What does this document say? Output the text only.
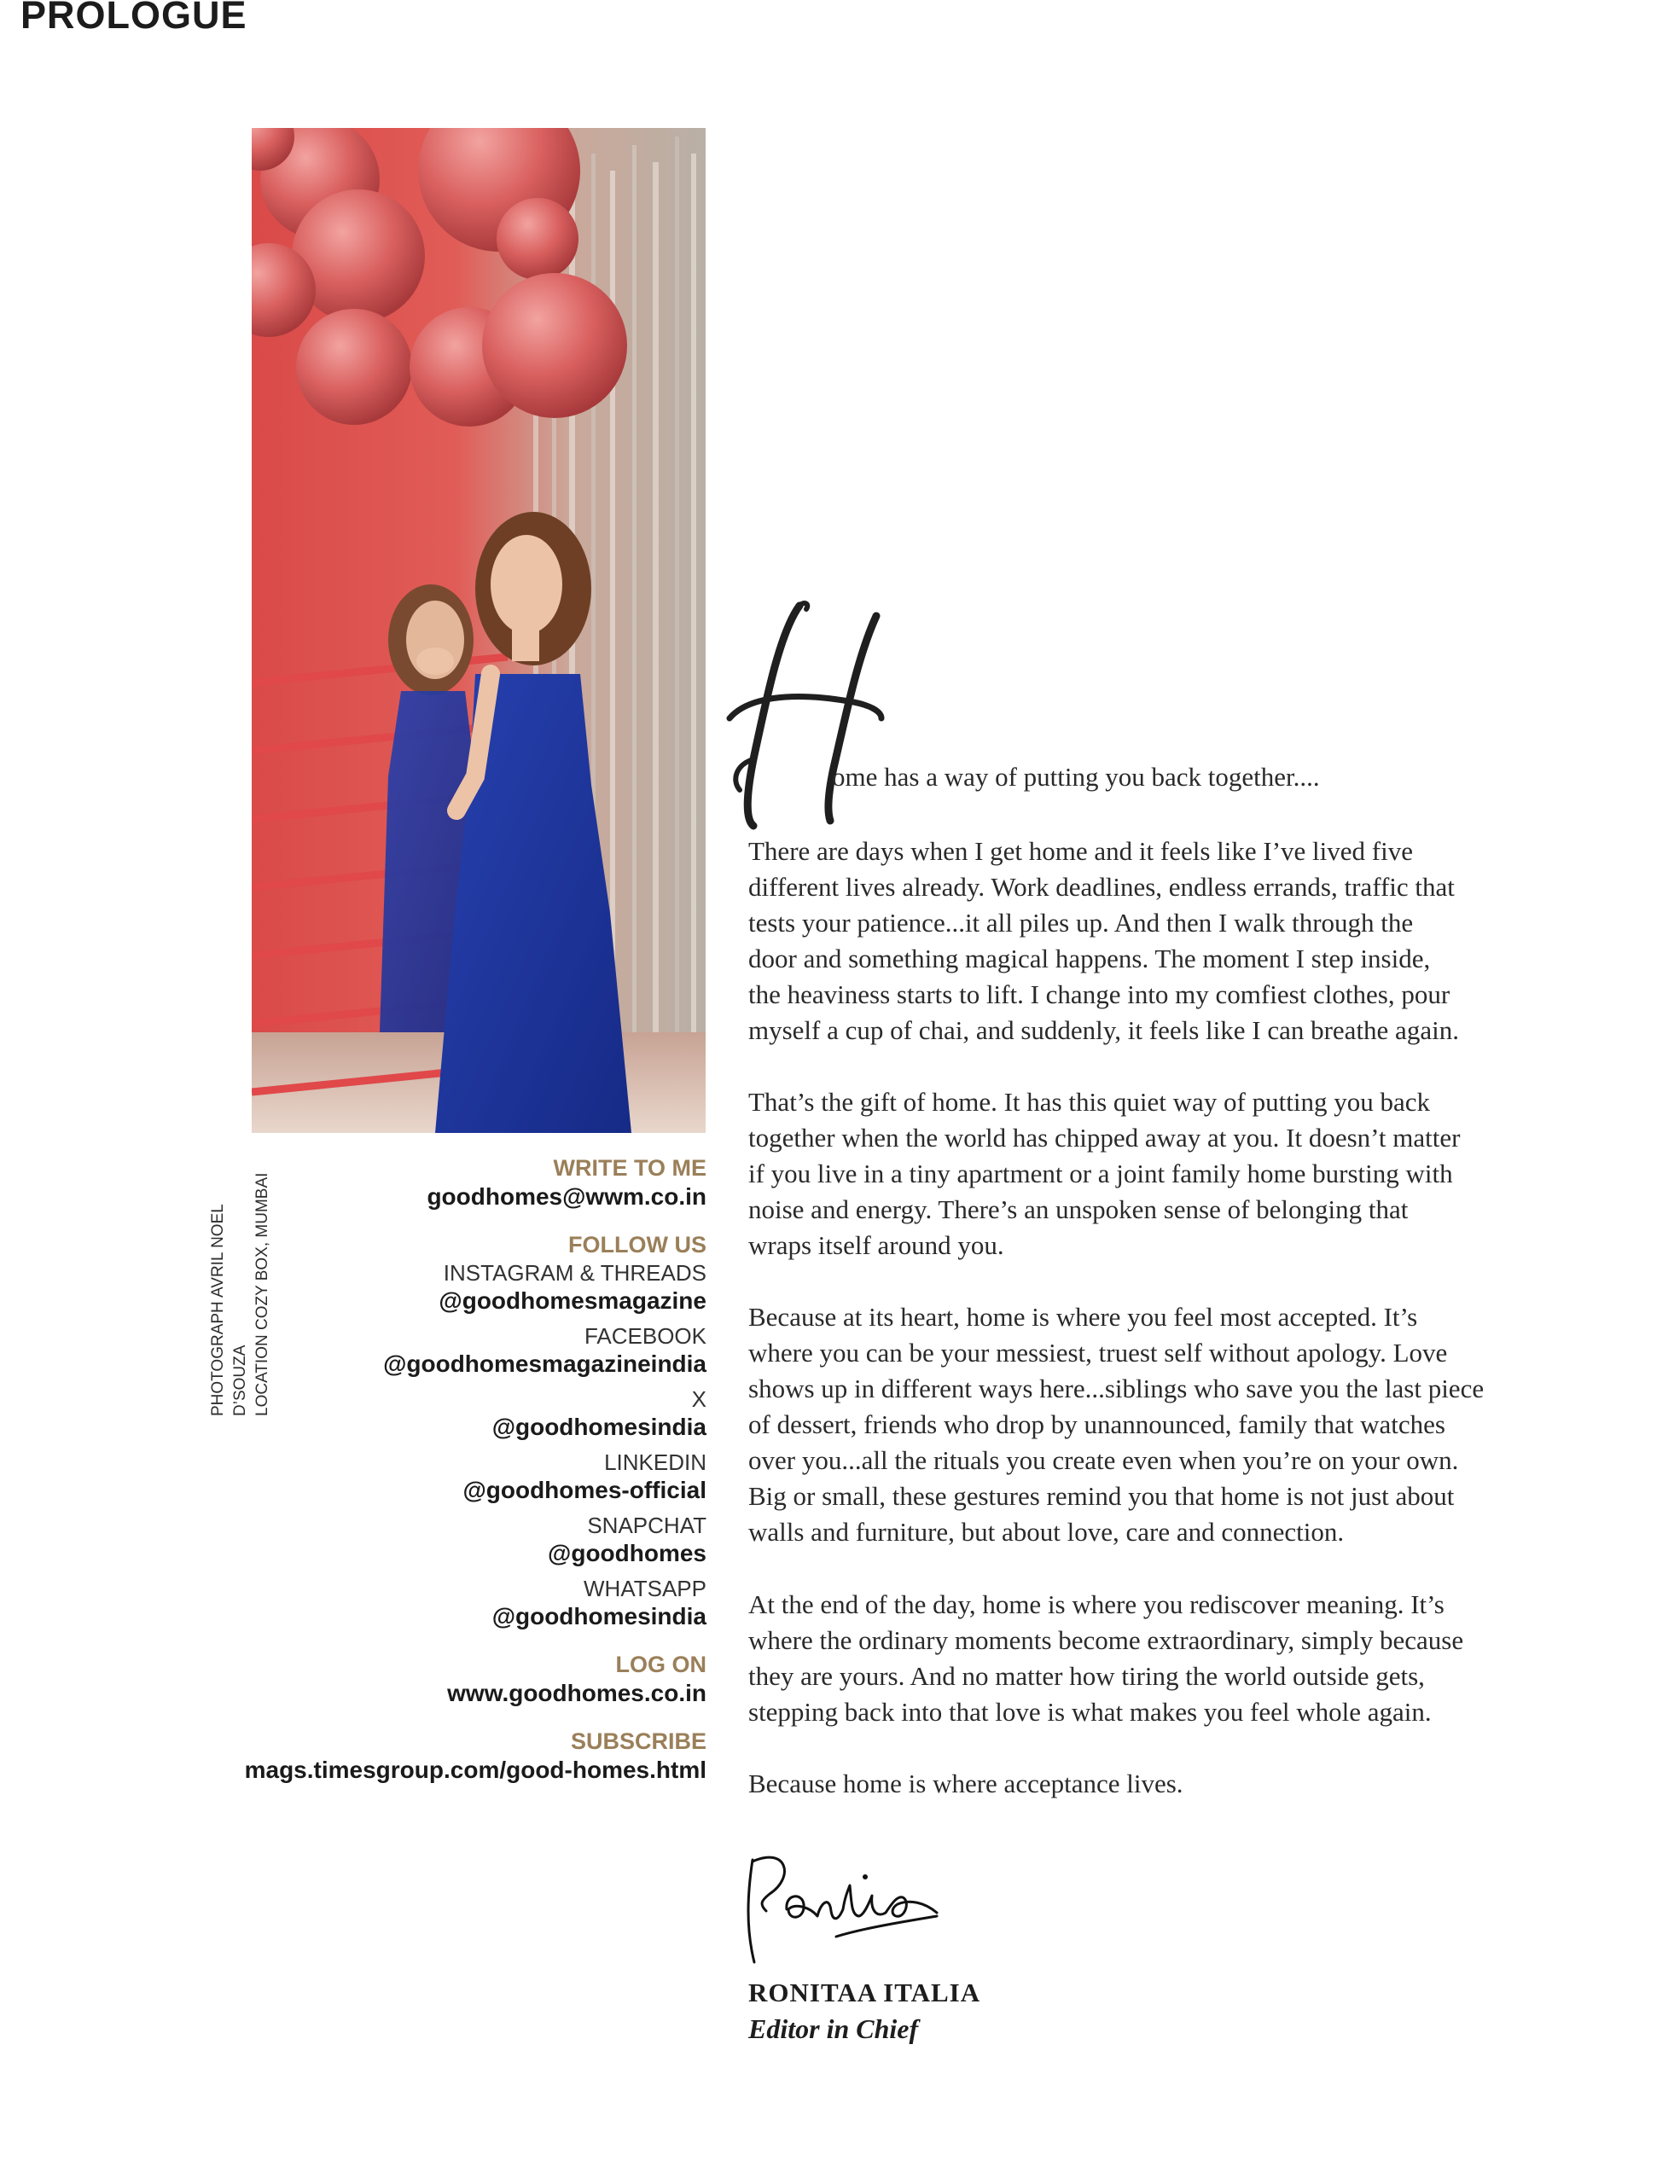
PROLOGUE
PHOTOGRAPH AVRIL NOEL D’SOUZA LOCATION COZY BOX, MUMBAI
WRITE TO ME
goodhomes@wwm.co.in
FOLLOW US
INSTAGRAM & THREADS
@goodhomesmagazine
FACEBOOK
@goodhomesmagazineindia
X
@goodhomesindia
LINKEDIN
@goodhomes-official
SNAPCHAT
@goodhomes
WHATSAPP
@goodhomesindia
LOG ON
www.goodhomes.co.in
SUBSCRIBE
mags.timesgroup.com/good-homes.html
ome has a way of putting you back together....
There are days when I get home and it feels like I’ve lived five
different lives already. Work deadlines, endless errands, traffic that
tests your patience...it all piles up. And then I walk through the
door and something magical happens. The moment I step inside,
the heaviness starts to lift. I change into my comfiest clothes, pour
myself a cup of chai, and suddenly, it feels like I can breathe again.
That’s the gift of home. It has this quiet way of putting you back
together when the world has chipped away at you. It doesn’t matter
if you live in a tiny apartment or a joint family home bursting with
noise and energy. There’s an unspoken sense of belonging that
wraps itself around you.
Because at its heart, home is where you feel most accepted. It’s
where you can be your messiest, truest self without apology. Love
shows up in different ways here...siblings who save you the last piece
of dessert, friends who drop by unannounced, family that watches
over you...all the rituals you create even when you’re on your own.
Big or small, these gestures remind you that home is not just about
walls and furniture, but about love, care and connection.
At the end of the day, home is where you rediscover meaning. It’s
where the ordinary moments become extraordinary, simply because
they are yours. And no matter how tiring the world outside gets,
stepping back into that love is what makes you feel whole again.
Because home is where acceptance lives.
RONITAA ITALIA
Editor in Chief
